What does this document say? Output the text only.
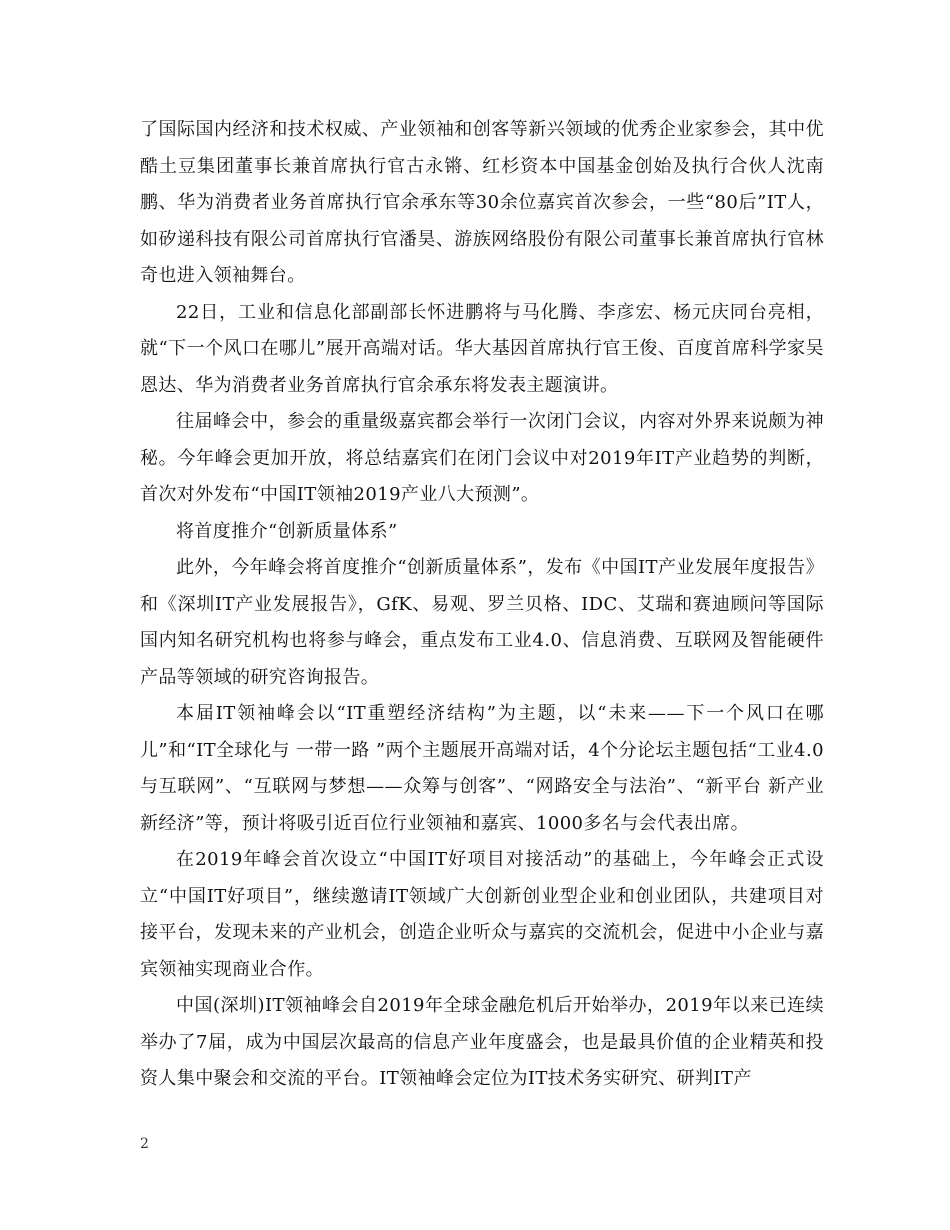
了国际国内经济和技术权威、产业领袖和创客等新兴领域的优秀企业家参会，其中优酷土豆集团董事长兼首席执行官古永锵、红杉资本中国基金创始及执行合伙人沈南鹏、华为消费者业务首席执行官余承东等30余位嘉宾首次参会，一些“80后”IT人，如矽递科技有限公司首席执行官潘昊、游族网络股份有限公司董事长兼首席执行官林奇也进入领袖舞台。

22日，工业和信息化部副部长怀进鹏将与马化腾、李彦宏、杨元庆同台亮相，就“下一个风口在哪儿”展开高端对话。华大基因首席执行官王俊、百度首席科学家吴恩达、华为消费者业务首席执行官余承东将发表主题演讲。

往届峰会中，参会的重量级嘉宾都会举行一次闭门会议，内容对外界来说颇为神秘。今年峰会更加开放，将总结嘉宾们在闭门会议中对2019年IT产业趋势的判断，首次对外发布“中国IT领袖2019产业八大预测”。

将首度推介“创新质量体系”

此外，今年峰会将首度推介“创新质量体系”，发布《中国IT产业发展年度报告》和《深圳IT产业发展报告》，GfK、易观、罗兰贝格、IDC、艾瑞和赛迪顾问等国际国内知名研究机构也将参与峰会，重点发布工业4.0、信息消费、互联网及智能硬件产品等领域的研究咨询报告。

本届IT领袖峰会以“IT重塑经济结构”为主题，以“未来——下一个风口在哪儿”和“IT全球化与 一带一路 ”两个主题展开高端对话，4个分论坛主题包括“工业4.0与互联网”、“互联网与梦想——众筹与创客”、“网路安全与法治”、“新平台 新产业 新经济”等，预计将吸引近百位行业领袖和嘉宾、1000多名与会代表出席。

在2019年峰会首次设立“中国IT好项目对接活动”的基础上，今年峰会正式设立“中国IT好项目”，继续邀请IT领域广大创新创业型企业和创业团队，共建项目对接平台，发现未来的产业机会，创造企业听众与嘉宾的交流机会，促进中小企业与嘉宾领袖实现商业合作。

中国(深圳)IT领袖峰会自2019年全球金融危机后开始举办，2019年以来已连续举办了7届，成为中国层次最高的信息产业年度盛会，也是最具价值的企业精英和投资人集中聚会和交流的平台。IT领袖峰会定位为IT技术务实研究、研判IT产

2
